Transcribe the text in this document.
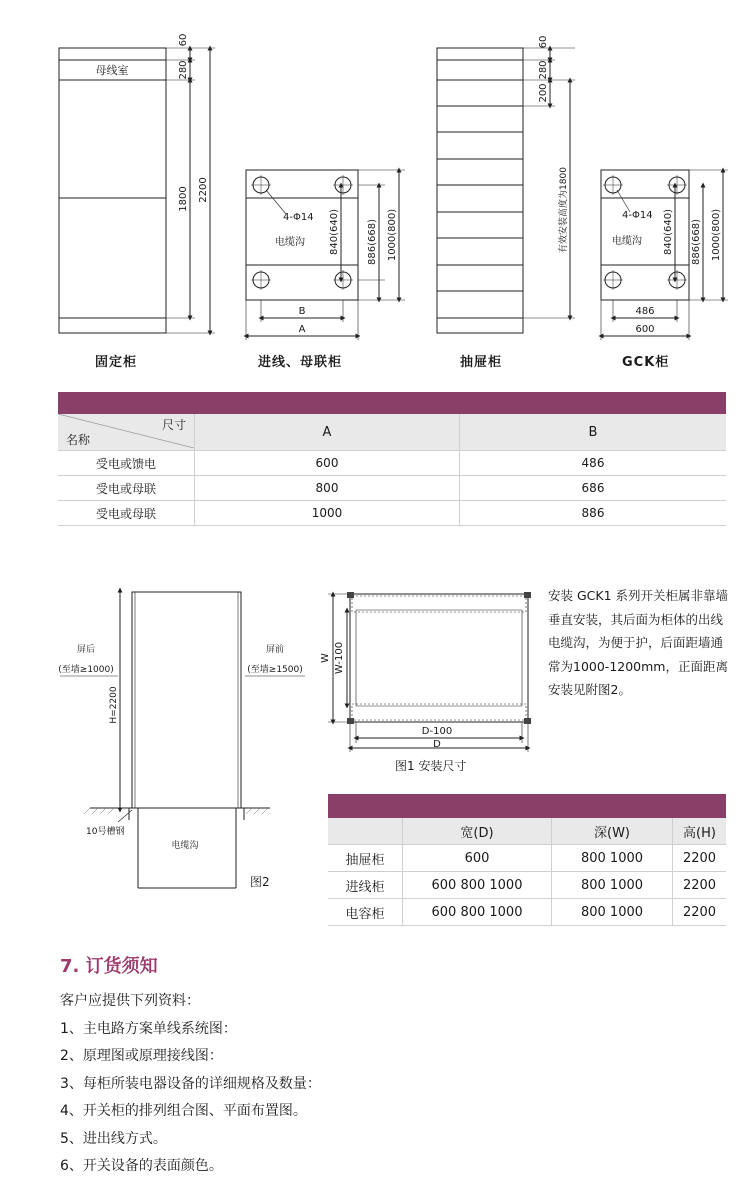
母线室
60
280
1800 2200
4-Φ14
电缆沟 840(640)	886(668) 1000(800)
B
A
60
280
200
有效安装高度为1800	4-Φ14
电缆沟 840(640) 886(668) 1000(800)
486
600
固定柜	进线、母联柜	抽屉柜	GCK柜

尺寸
名称	A	B
受电或馈电	600	486
受电或母联	800	686
受电或母联	1000	886
屏后
(至墙≥1000)
屏前
(至墙≥1500)
H=2200
10号槽钢
电缆沟
图2
W W-100
D-100
D
图1 安装尺寸
安装 GCK1 系列开关柜属非靠墙垂直安装，其后面为柜体的出线电缆沟，为便于护，后面距墙通常为1000-1200mm，正面距离安装见附图2。

	宽(D)	深(W)	高(H)
抽屉柜	600	800 1000	2200
进线柜	600 800 1000	800 1000	2200
电容柜	600 800 1000	800 1000	2200
7. 订货须知
客户应提供下列资料：
1、主电路方案单线系统图：
2、原理图或原理接线图：
3、每柜所装电器设备的详细规格及数量：
4、开关柜的排列组合图、平面布置图。
5、进出线方式。
6、开关设备的表面颜色。
